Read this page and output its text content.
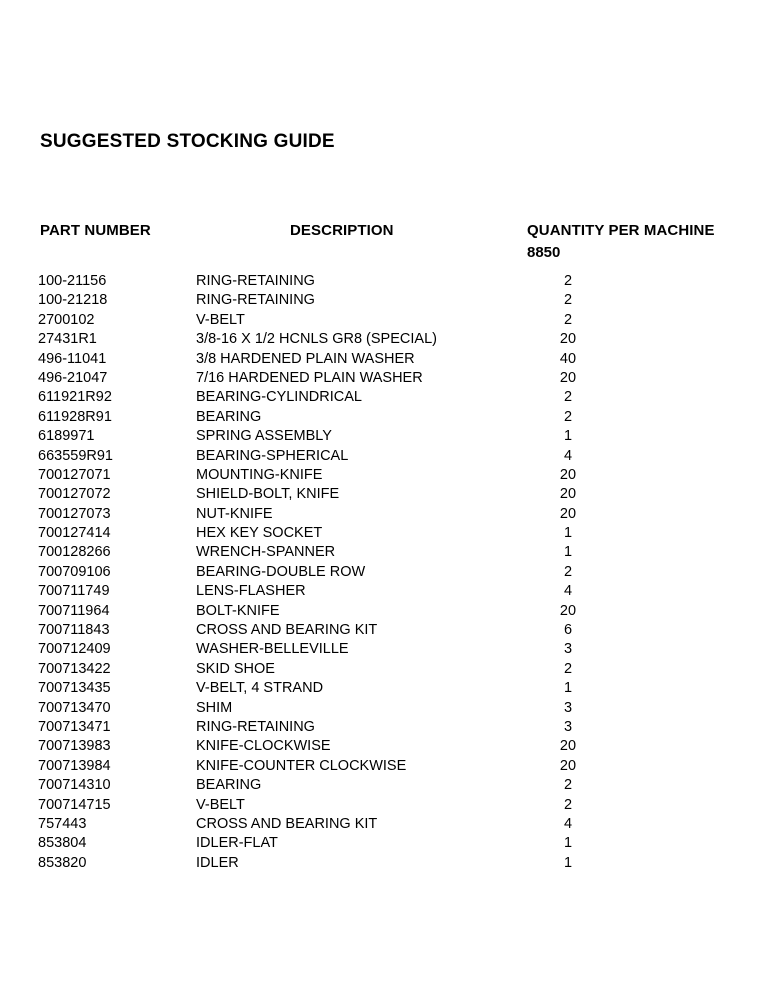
SUGGESTED STOCKING GUIDE
PART NUMBER	DESCRIPTION	QUANTITY PER MACHINE
8850
100-21156	RING-RETAINING	2
100-21218	RING-RETAINING	2
2700102	V-BELT	2
27431R1	3/8-16 X 1/2 HCNLS GR8 (SPECIAL)	20
496-11041	3/8 HARDENED PLAIN WASHER	40
496-21047	7/16 HARDENED PLAIN WASHER	20
611921R92	BEARING-CYLINDRICAL	2
611928R91	BEARING	2
6189971	SPRING ASSEMBLY	1
663559R91	BEARING-SPHERICAL	4
700127071	MOUNTING-KNIFE	20
700127072	SHIELD-BOLT, KNIFE	20
700127073	NUT-KNIFE	20
700127414	HEX KEY SOCKET	1
700128266	WRENCH-SPANNER	1
700709106	BEARING-DOUBLE ROW	2
700711749	LENS-FLASHER	4
700711964	BOLT-KNIFE	20
700711843	CROSS AND BEARING KIT	6
700712409	WASHER-BELLEVILLE	3
700713422	SKID SHOE	2
700713435	V-BELT, 4 STRAND	1
700713470	SHIM	3
700713471	RING-RETAINING	3
700713983	KNIFE-CLOCKWISE	20
700713984	KNIFE-COUNTER CLOCKWISE	20
700714310	BEARING	2
700714715	V-BELT	2
757443	CROSS AND BEARING KIT	4
853804	IDLER-FLAT	1
853820	IDLER	1
